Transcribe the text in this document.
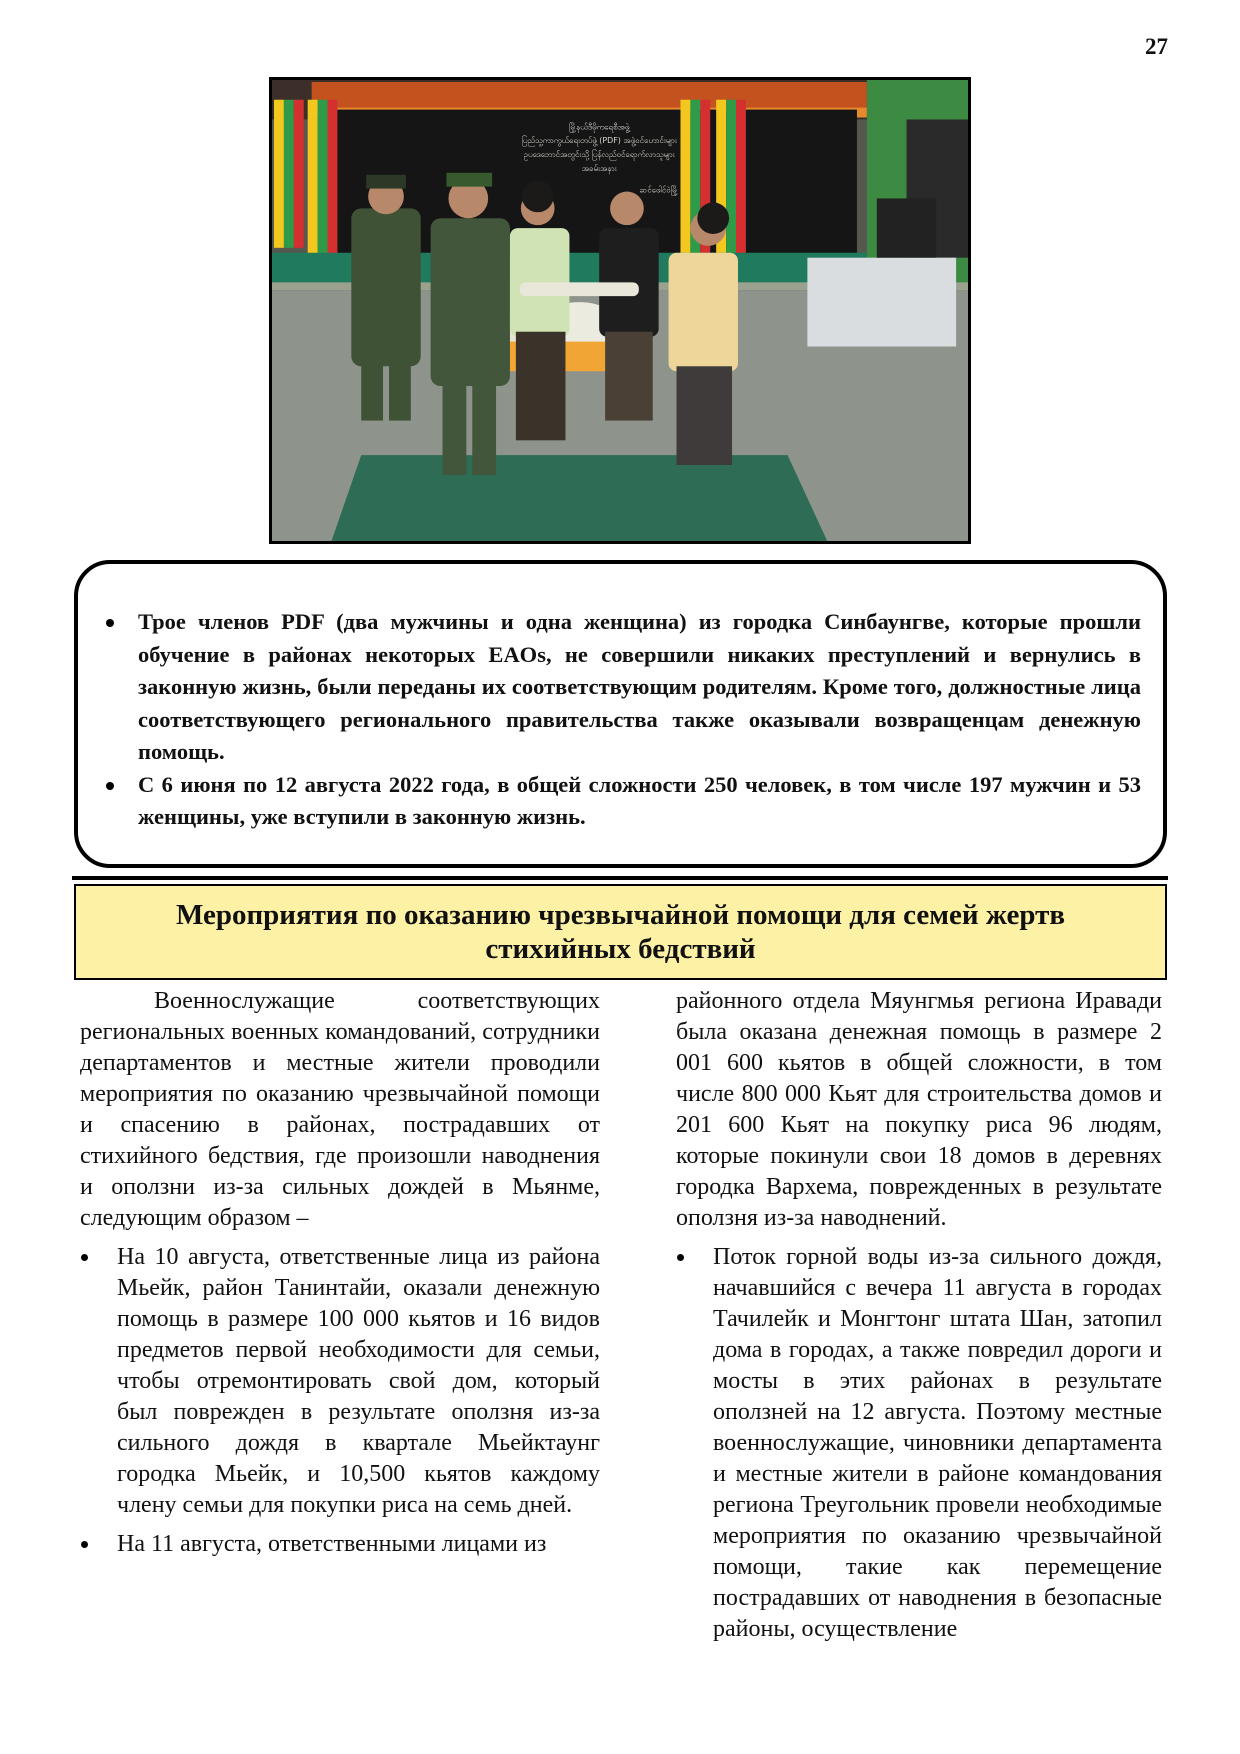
27
မြို့နယ်ဒီမိုကရေစီအဖွဲ့
ပြည်သူ့ကာကွယ်ရေးတပ်ဖွဲ့ (PDF) အဖွဲ့ဝင်ဟောင်းများ
ဥပဒေဘောင်အတွင်းသို့ ပြန်လည်ဝင်ရောက်လာသူများ
အခမ်းအနား
ဆင်ဖေါင်ဝဲမြို့
Трое членов PDF (два мужчины и одна женщина) из городка Синбаунгве, которые прошли обучение в районах некоторых EAOs, не совершили никаких преступлений и вернулись в законную жизнь, были переданы их соответствующим родителям. Кроме того, должностные лица соответствующего регионального правительства также оказывали возвращенцам денежную помощь.
С 6 июня по 12 августа 2022 года, в общей сложности 250 человек, в том числе 197 мужчин и 53 женщины, уже вступили в законную жизнь.
Мероприятия по оказанию чрезвычайной помощи для семей жертв стихийных бедствий

Военнослужащие соответствующих региональных военных командований, сотрудники департаментов и местные жители проводили мероприятия по оказанию чрезвычайной помощи и спасению в районах, пострадавших от стихийного бедствия, где произошли наводнения и оползни из-за сильных дождей в Мьянме, следующим образом –

На 10 августа, ответственные лица из района Мьейк, район Танинтайи, оказали денежную помощь в размере 100 000 кьятов и 16 видов предметов первой необходимости для семьи, чтобы отремонтировать свой дом, который был поврежден в результате оползня из-за сильного дождя в квартале Мьейктаунг городка Мьейк, и 10,500 кьятов каждому члену семьи для покупки риса на семь дней.
На 11 августа, ответственными лицами из

районного отдела Мяунгмья региона Иравади была оказана денежная помощь в размере 2 001 600 кьятов в общей сложности, в том числе 800 000 Кьят для строительства домов и 201 600 Кьят на покупку риса 96 людям, которые покинули свои 18 домов в деревнях городка Вархема, поврежденных в результате оползня из-за наводнений.

Поток горной воды из-за сильного дождя, начавшийся с вечера 11 августа в городах Тачилейк и Монгтонг штата Шан, затопил дома в городах, а также повредил дороги и мосты в этих районах в результате оползней на 12 августа. Поэтому местные военнослужащие, чиновники департамента и местные жители в районе командования региона Треугольник провели необходимые мероприятия по оказанию чрезвычайной помощи, такие как перемещение пострадавших от наводнения в безопасные районы, осуществление
